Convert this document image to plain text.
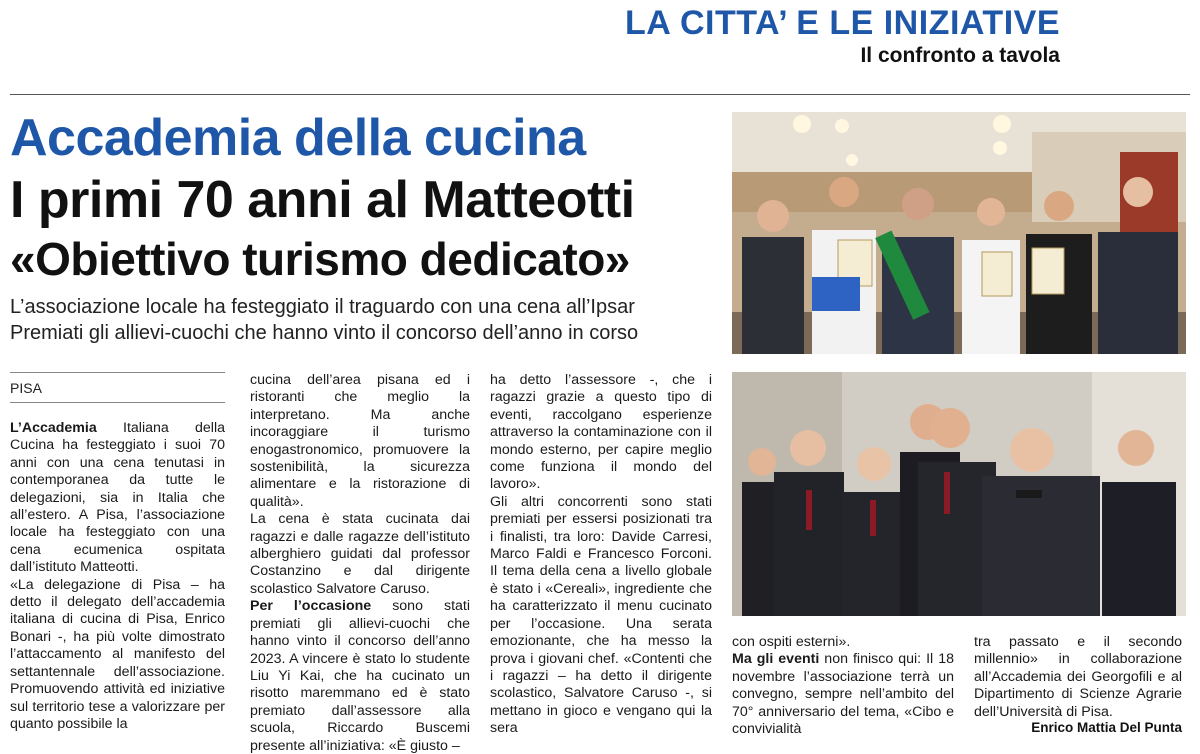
LA CITTA’ E LE INIZIATIVE
Il confronto a tavola
Accademia della cucina
I primi 70 anni al Matteotti
«Obiettivo turismo dedicato»
L’associazione locale ha festeggiato il traguardo con una cena all’Ipsar
Premiati gli allievi-cuochi che hanno vinto il concorso dell’anno in corso
PISA

L’Accademia Italiana della Cucina ha festeggiato i suoi 70 anni con una cena tenutasi in contemporanea da tutte le delegazioni, sia in Italia che all’estero. A Pisa, l’associazione locale ha festeggiato con una cena ecumenica ospitata dall’istituto Matteotti.

«La delegazione di Pisa – ha detto il delegato dell’accademia italiana di cucina di Pisa, Enrico Bonari -, ha più volte dimostrato l’attaccamento al manifesto del settantennale dell’associazione. Promuovendo attività ed iniziative sul territorio tese a valorizzare per quanto possibile la

cucina dell’area pisana ed i ristoranti che meglio la interpretano. Ma anche incoraggiare il turismo enogastronomico, promuovere la sostenibilità, la sicurezza alimentare e la ristorazione di qualità».

La cena è stata cucinata dai ragazzi e dalle ragazze dell’istituto alberghiero guidati dal professor Costanzino e dal dirigente scolastico Salvatore Caruso.

Per l’occasione sono stati premiati gli allievi-cuochi che hanno vinto il concorso dell’anno 2023. A vincere è stato lo studente Liu Yi Kai, che ha cucinato un risotto maremmano ed è stato premiato dall’assessore alla scuola, Riccardo Buscemi presente all’iniziativa: «È giusto –

ha detto l’assessore -, che i ragazzi grazie a questo tipo di eventi, raccolgano esperienze attraverso la contaminazione con il mondo esterno, per capire meglio come funziona il mondo del lavoro».

Gli altri concorrenti sono stati premiati per essersi posizionati tra i finalisti, tra loro: Davide Carresi, Marco Faldi e Francesco Forconi. Il tema della cena a livello globale è stato i «Cereali», ingrediente che ha caratterizzato il menu cucinato per l’occasione. Una serata emozionante, che ha messo la prova i giovani chef. «Contenti che i ragazzi – ha detto il dirigente scolastico, Salvatore Caruso -, si mettano in gioco e vengano qui la sera

con ospiti esterni».

Ma gli eventi non finisco qui: Il 18 novembre l’associazione terrà un convegno, sempre nell’ambito del 70° anniversario del tema, «Cibo e convivialità

tra passato e il secondo millennio» in collaborazione all’Accademia dei Georgofili e al Dipartimento di Scienze Agrarie dell’Università di Pisa.

Enrico Mattia Del Punta
